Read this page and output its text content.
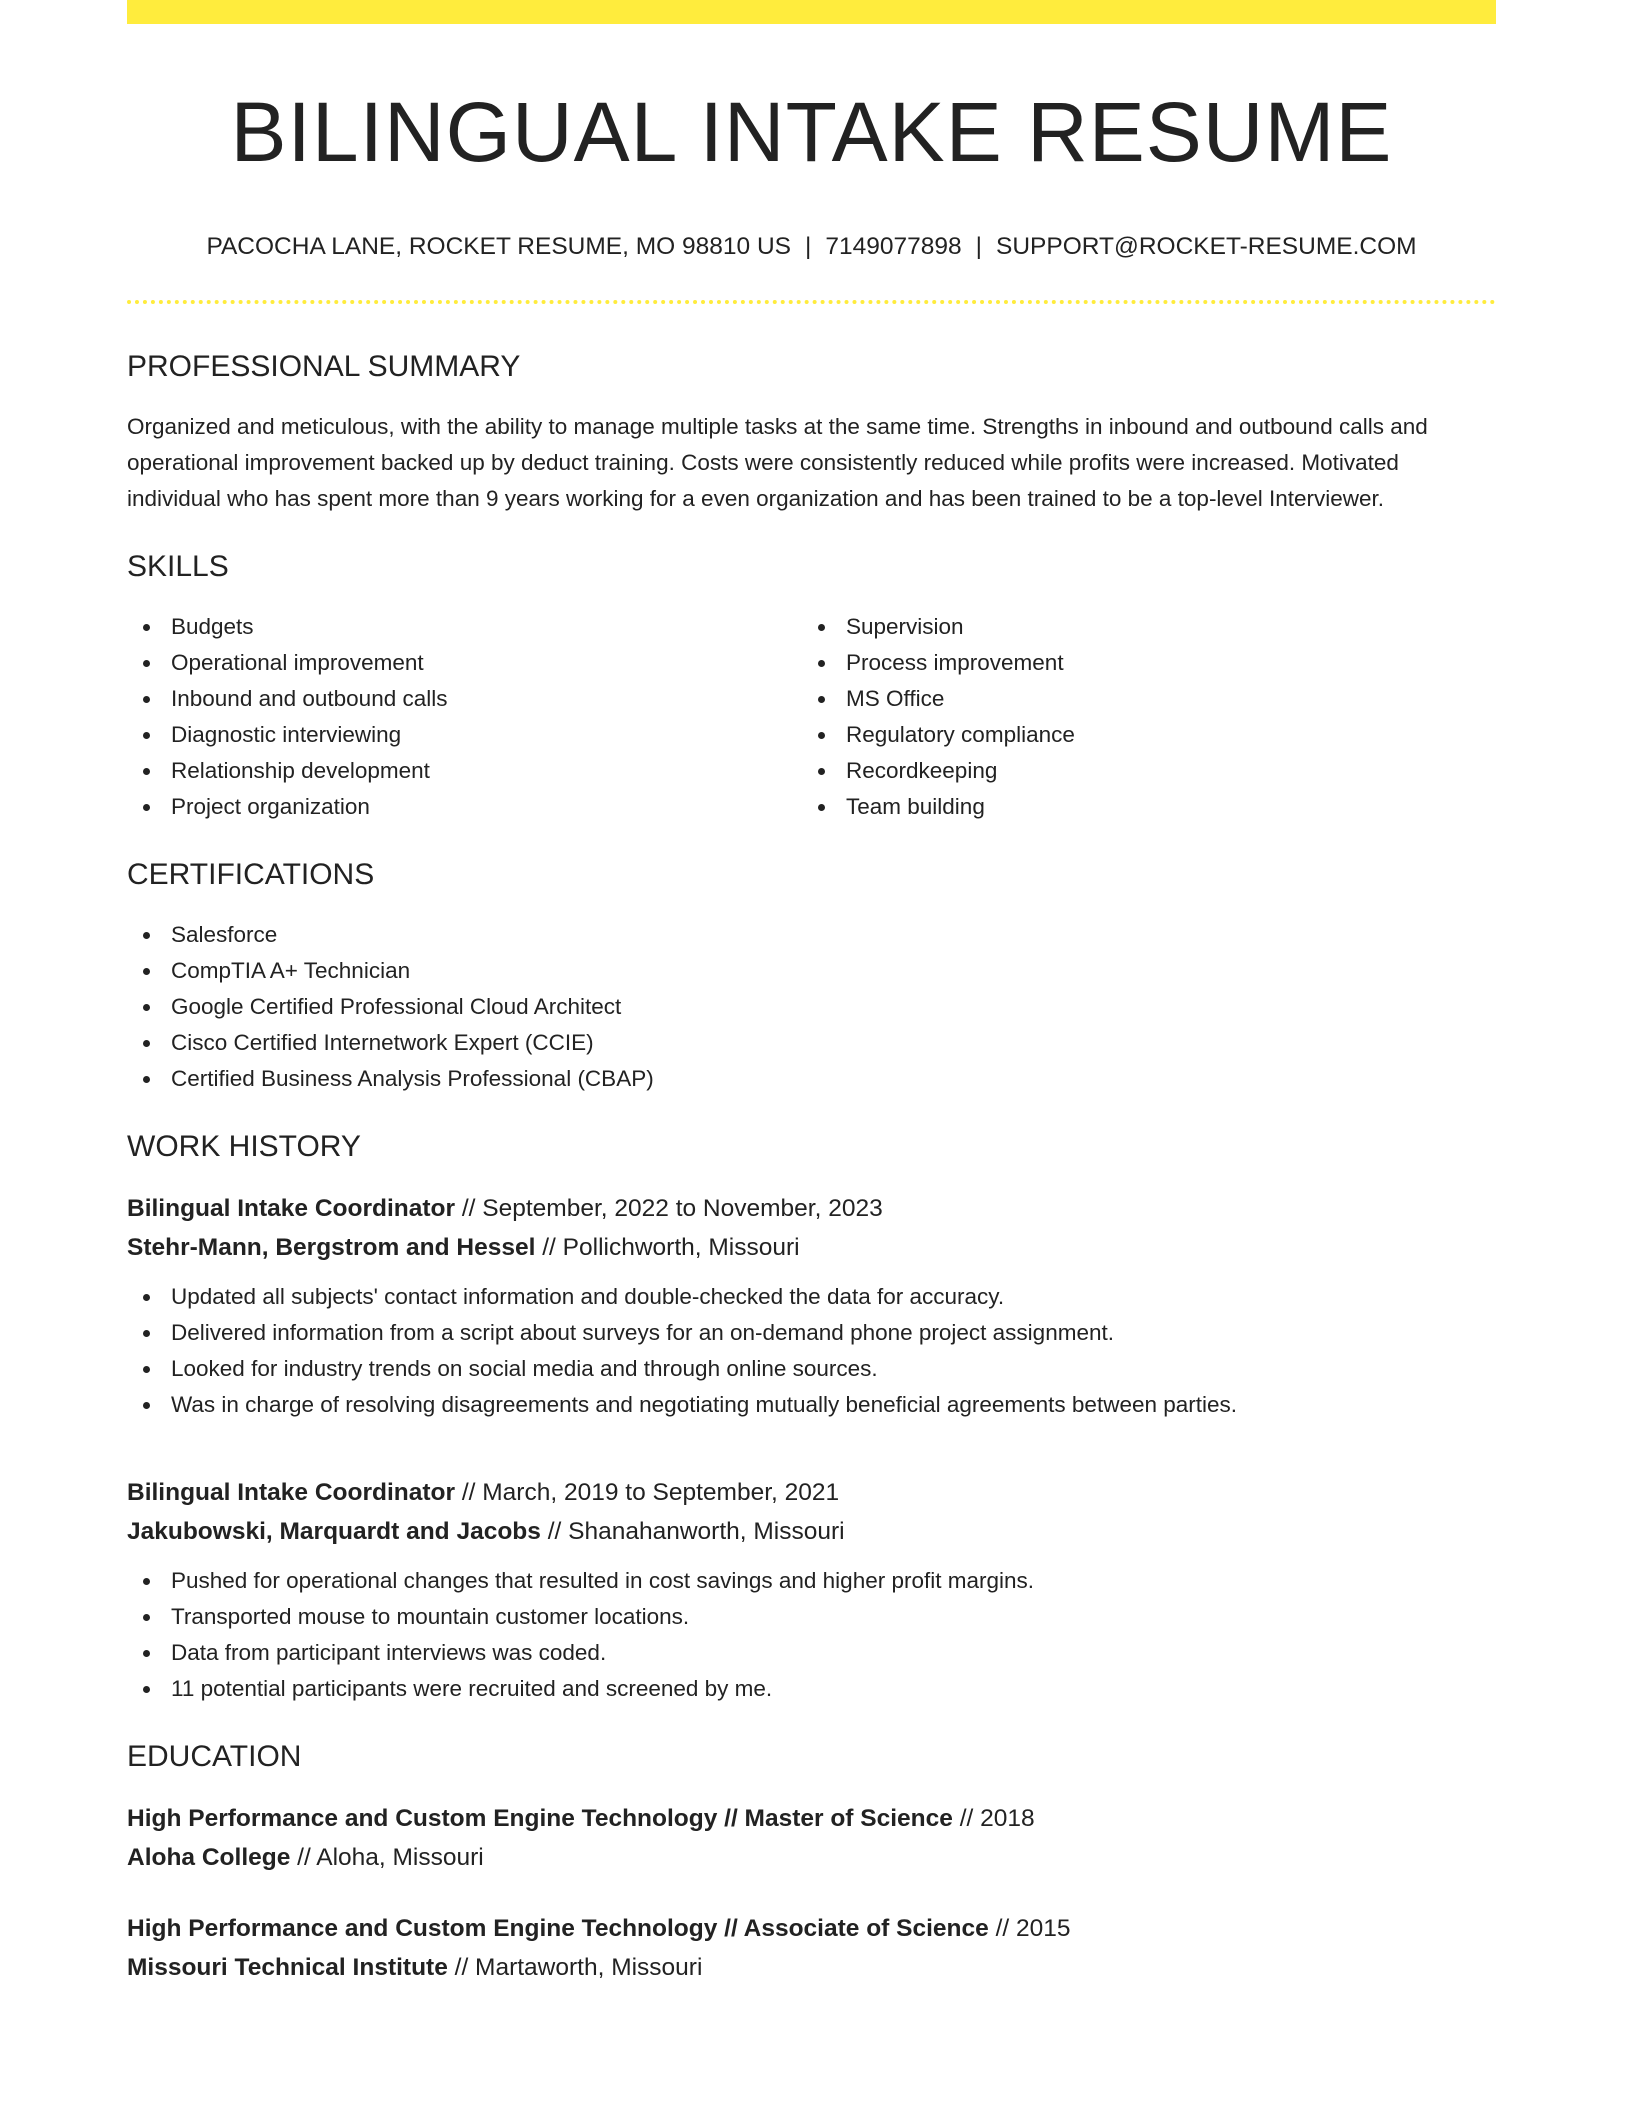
BILINGUAL INTAKE RESUME
PACOCHA LANE, ROCKET RESUME, MO 98810 US | 7149077898 | SUPPORT@ROCKET-RESUME.COM
PROFESSIONAL SUMMARY

Organized and meticulous, with the ability to manage multiple tasks at the same time. Strengths in inbound and outbound calls and operational improvement backed up by deduct training. Costs were consistently reduced while profits were increased. Motivated individual who has spent more than 9 years working for a even organization and has been trained to be a top-level Interviewer.

SKILLS
Budgets
Operational improvement
Inbound and outbound calls
Diagnostic interviewing
Relationship development
Project organization
Supervision
Process improvement
MS Office
Regulatory compliance
Recordkeeping
Team building
CERTIFICATIONS
Salesforce
CompTIA A+ Technician
Google Certified Professional Cloud Architect
Cisco Certified Internetwork Expert (CCIE)
Certified Business Analysis Professional (CBAP)
WORK HISTORY
Bilingual Intake Coordinator // September, 2022 to November, 2023
Stehr-Mann, Bergstrom and Hessel // Pollichworth, Missouri
Updated all subjects' contact information and double-checked the data for accuracy.
Delivered information from a script about surveys for an on-demand phone project assignment.
Looked for industry trends on social media and through online sources.
Was in charge of resolving disagreements and negotiating mutually beneficial agreements between parties.
Bilingual Intake Coordinator // March, 2019 to September, 2021
Jakubowski, Marquardt and Jacobs // Shanahanworth, Missouri
Pushed for operational changes that resulted in cost savings and higher profit margins.
Transported mouse to mountain customer locations.
Data from participant interviews was coded.
11 potential participants were recruited and screened by me.
EDUCATION
High Performance and Custom Engine Technology // Master of Science // 2018
Aloha College // Aloha, Missouri
High Performance and Custom Engine Technology // Associate of Science // 2015
Missouri Technical Institute // Martaworth, Missouri
